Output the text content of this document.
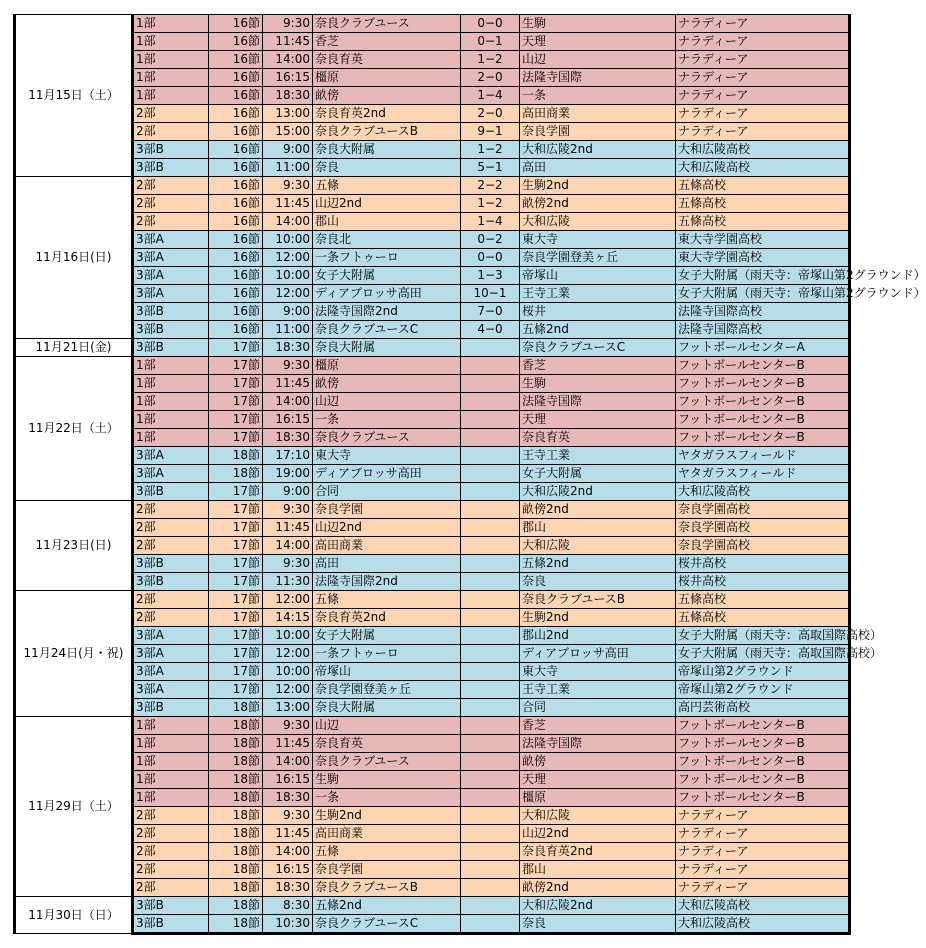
11月15日（土）	1部	16節	9:30	奈良クラブユース	0−0	生駒	ナラディーア
	1部	16節	11:45	香芝	0−1	天理	ナラディーア
	1部	16節	14:00	奈良育英	1−2	山辺	ナラディーア
	1部	16節	16:15	橿原	2−0	法隆寺国際	ナラディーア
	1部	16節	18:30	畝傍	1−4	一条	ナラディーア
	2部	16節	13:00	奈良育英2nd	2−0	高田商業	ナラディーア
	2部	16節	15:00	奈良クラブユースB	9−1	奈良学園	ナラディーア
	3部B	16節	9:00	奈良大附属	1−2	大和広陵2nd	大和広陵高校
	3部B	16節	11:00	奈良	5−1	高田	大和広陵高校
11月16日(日)	2部	16節	9:30	五條	2−2	生駒2nd	五條高校
	2部	16節	11:45	山辺2nd	1−2	畝傍2nd	五條高校
	2部	16節	14:00	郡山	1−4	大和広陵	五條高校
	3部A	16節	10:00	奈良北	0−2	東大寺	東大寺学園高校
	3部A	16節	12:00	一条フトゥーロ	0−0	奈良学園登美ヶ丘	東大寺学園高校
	3部A	16節	10:00	女子大附属	1−3	帝塚山	女子大附属（雨天寺：帝塚山第2グラウンド）
	3部A	16節	12:00	ディアブロッサ高田	10−1	王寺工業	女子大附属（雨天寺：帝塚山第2グラウンド）
	3部B	16節	9:00	法隆寺国際2nd	7−0	桜井	法隆寺国際高校
	3部B	16節	11:00	奈良クラブユースC	4−0	五條2nd	法隆寺国際高校
11月21日(金)	3部B	17節	18:30	奈良大附属		奈良クラブユースC	フットボールセンターA
11月22日（土）	1部	17節	9:30	橿原		香芝	フットボールセンターB
	1部	17節	11:45	畝傍		生駒	フットボールセンターB
	1部	17節	14:00	山辺		法隆寺国際	フットボールセンターB
	1部	17節	16:15	一条		天理	フットボールセンターB
	1部	17節	18:30	奈良クラブユース		奈良育英	フットボールセンターB
	3部A	18節	17:10	東大寺		王寺工業	ヤタガラスフィールド
	3部A	18節	19:00	ディアブロッサ高田		女子大附属	ヤタガラスフィールド
	3部B	17節	9:00	合同		大和広陵2nd	大和広陵高校
11月23日(日)	2部	17節	9:30	奈良学園		畝傍2nd	奈良学園高校
	2部	17節	11:45	山辺2nd		郡山	奈良学園高校
	2部	17節	14:00	高田商業		大和広陵	奈良学園高校
	3部B	17節	9:30	高田		五條2nd	桜井高校
	3部B	17節	11:30	法隆寺国際2nd		奈良	桜井高校
11月24日(月・祝)	2部	17節	12:00	五條		奈良クラブユースB	五條高校
	2部	17節	14:15	奈良育英2nd		生駒2nd	五條高校
	3部A	17節	10:00	女子大附属		郡山2nd	女子大附属（雨天寺：高取国際高校）
	3部A	17節	12:00	一条フトゥーロ		ディアブロッサ高田	女子大附属（雨天寺：高取国際高校）
	3部A	17節	10:00	帝塚山		東大寺	帝塚山第2グラウンド
	3部A	17節	12:00	奈良学園登美ヶ丘		王寺工業	帝塚山第2グラウンド
	3部B	18節	13:00	奈良大附属		合同	高円芸術高校
11月29日（土）	1部	18節	9:30	山辺		香芝	フットボールセンターB
	1部	18節	11:45	奈良育英		法隆寺国際	フットボールセンターB
	1部	18節	14:00	奈良クラブユース		畝傍	フットボールセンターB
	1部	18節	16:15	生駒		天理	フットボールセンターB
	1部	18節	18:30	一条		橿原	フットボールセンターB
	2部	18節	9:30	生駒2nd		大和広陵	ナラディーア
	2部	18節	11:45	高田商業		山辺2nd	ナラディーア
	2部	18節	14:00	五條		奈良育英2nd	ナラディーア
	2部	18節	16:15	奈良学園		郡山	ナラディーア
	2部	18節	18:30	奈良クラブユースB		畝傍2nd	ナラディーア
11月30日（日）	3部B	18節	8:30	五條2nd		大和広陵2nd	大和広陵高校
	3部B	18節	10:30	奈良クラブユースC		奈良	大和広陵高校
